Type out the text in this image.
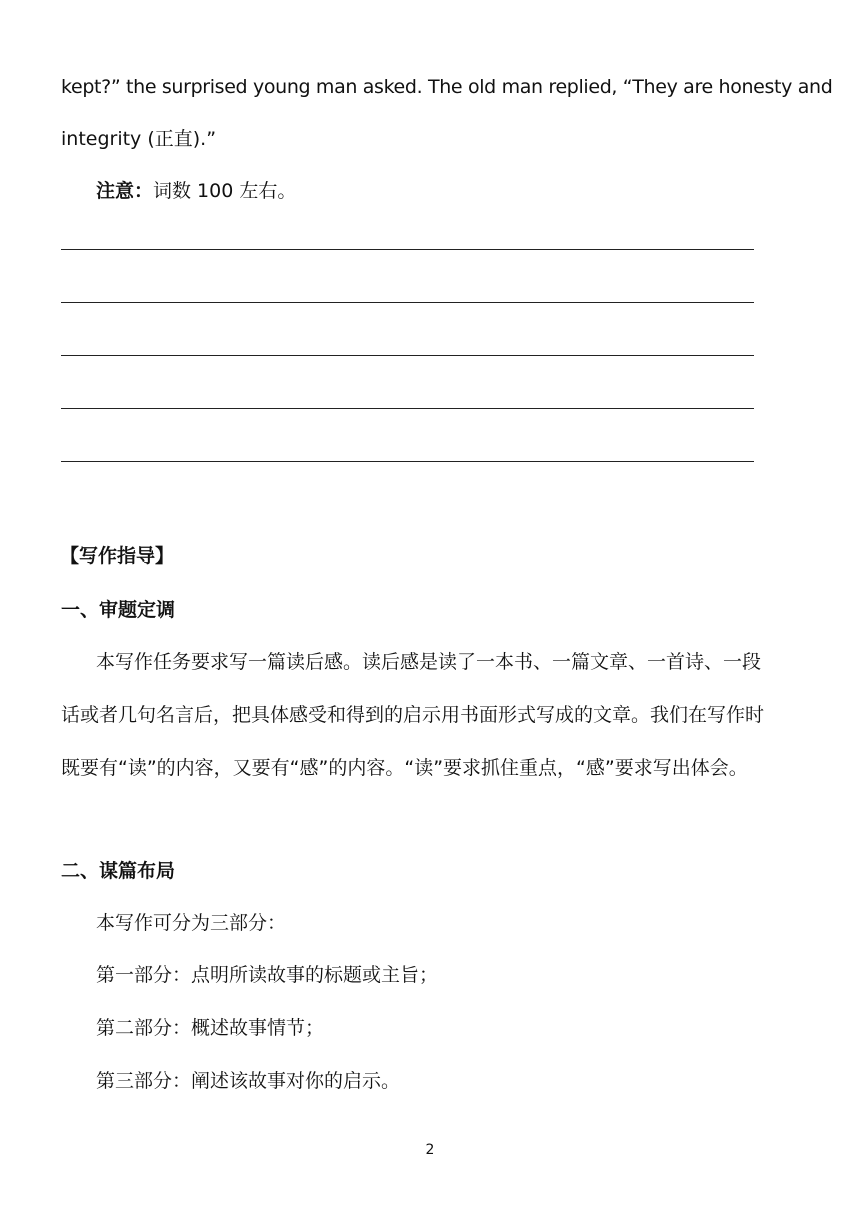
kept?” the surprised young man asked. The old man replied, “They are honesty and
integrity (正直).”
注意：词数 100 左右。
【写作指导】
一、审题定调
本写作任务要求写一篇读后感。读后感是读了一本书、一篇文章、一首诗、一段
话或者几句名言后，把具体感受和得到的启示用书面形式写成的文章。我们在写作时
既要有“读”的内容，又要有“感”的内容。“读”要求抓住重点，“感”要求写出体会。
二、谋篇布局
本写作可分为三部分：
第一部分：点明所读故事的标题或主旨；
第二部分：概述故事情节；
第三部分：阐述该故事对你的启示。
2
